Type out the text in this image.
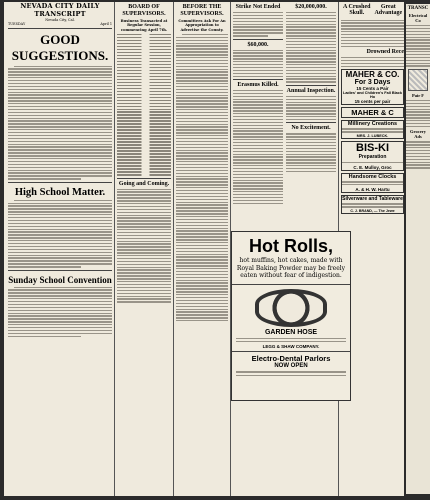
NEVADA CITY DAILY TRANSCRIPT
Nevada City, Cal.
TUESDAY	April 1
GOOD SUGGESTIONS.
High School Matter.
Sunday School Convention
BOARD OF SUPERVISORS.
Business Transacted at Regular Session, commencing April 7th.
Going and Coming.
BEFORE THE SUPERVISORS.
Committees Ask For An Appropriation to Advertise the County.
Strike Not Ended
$60,000.
Erasmus Killed.
$20,000,000.
Annual Inspection.
No Excitement.
A Crushed Skull.
Great Advantage
Drowned Rece
MAHER & CO.
For 3 Days
15 Cents a Pair
Ladies' and Children's Fall Black Ho
15 cents per pair
MAHER & C
Millinery Creations
MRS. J. LUBECK.
BIS-KI
Preparation
C. E. Mulloy, Groc
Handsome Clocks
A. & H. W. Hartu
Silverware and Tableware
C. J. BRAND, — The Jewe
Hot Rolls,
hot muffins, hot cakes, made with Royal Baking Powder may be freely eaten without fear of indigestion.
GARDEN HOSE
LEGG & SHAW COMPANY.
Electro-Dental Parlors
NOW OPEN
TRANSC
Electrical Co
Pair F
Grocery Ads
